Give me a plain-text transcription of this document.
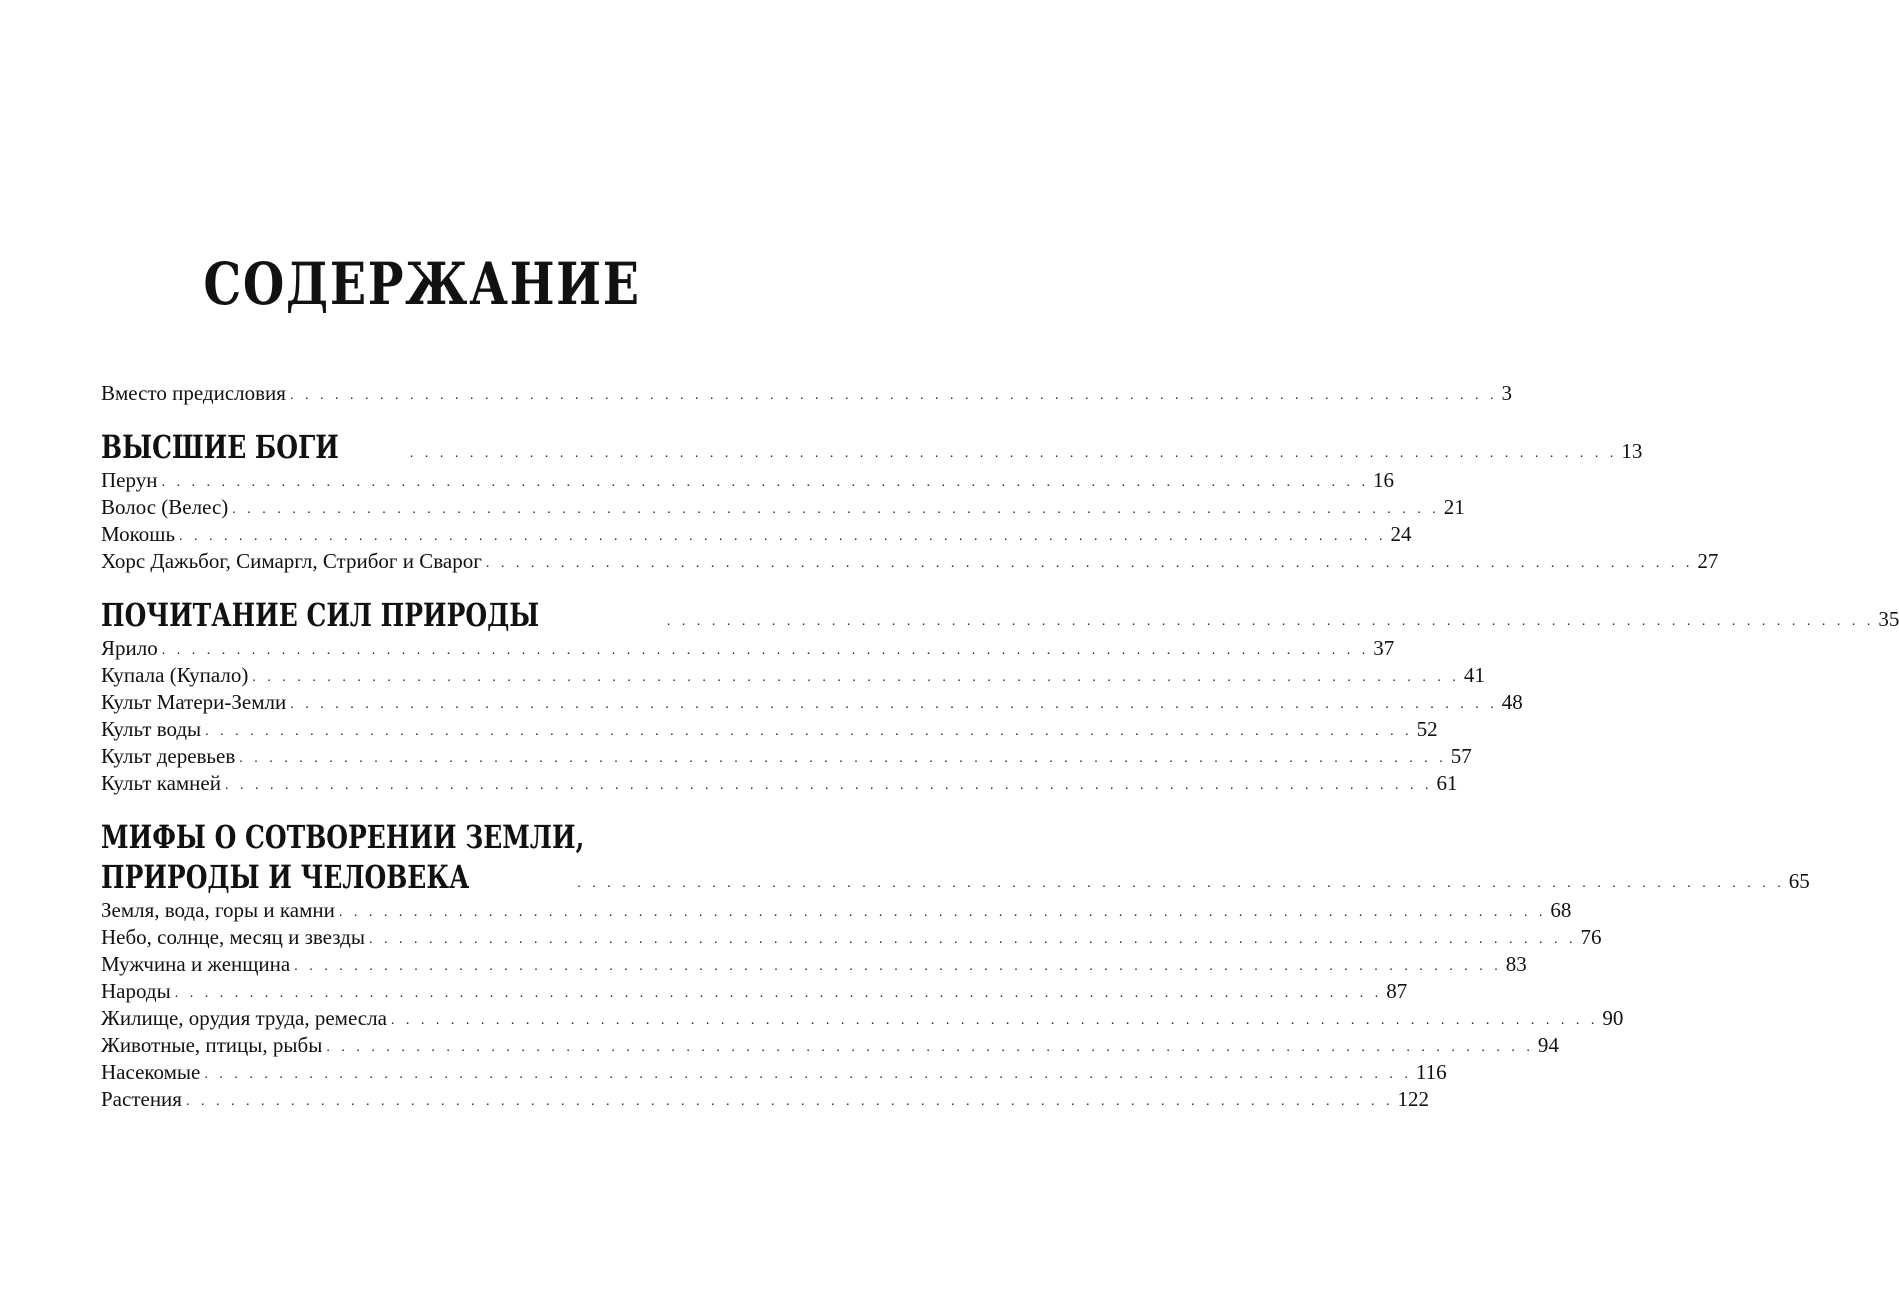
СОДЕРЖАНИЕ
Вместо предисловия . . . . . . . . . . . . . . . . . . . . . . . . . . . . . . . . . . . . . . . . . . . . . . . . . . . . . . . . . . . . . . . . . . . . . . . . . . . . . . . . . 3
ВЫСШИЕ БОГИ	. . . . . . . . . . . . . . . . . . . . . . . . . . . . . . . . . . . . . . . . . . . . . . . . . . . . . . . . . . . . . . . . . . . . . . . . . . . . . . . . . 13
Перун . . . . . . . . . . . . . . . . . . . . . . . . . . . . . . . . . . . . . . . . . . . . . . . . . . . . . . . . . . . . . . . . . . . . . . . . . . . . . . . . . 16
Волос (Велес) . . . . . . . . . . . . . . . . . . . . . . . . . . . . . . . . . . . . . . . . . . . . . . . . . . . . . . . . . . . . . . . . . . . . . . . . . . . . . . . . . 21
Мокошь . . . . . . . . . . . . . . . . . . . . . . . . . . . . . . . . . . . . . . . . . . . . . . . . . . . . . . . . . . . . . . . . . . . . . . . . . . . . . . . . . 24
Хорс Дажьбог, Симаргл, Стрибог и Сварог . . . . . . . . . . . . . . . . . . . . . . . . . . . . . . . . . . . . . . . . . . . . . . . . . . . . . . . . . . . . . . . . . . . . . . . . . . . . . . . . . 27
ПОЧИТАНИЕ СИЛ ПРИРОДЫ	. . . . . . . . . . . . . . . . . . . . . . . . . . . . . . . . . . . . . . . . . . . . . . . . . . . . . . . . . . . . . . . . . . . . . . . . . . . . . . . . . 35
Ярило . . . . . . . . . . . . . . . . . . . . . . . . . . . . . . . . . . . . . . . . . . . . . . . . . . . . . . . . . . . . . . . . . . . . . . . . . . . . . . . . . 37
Купала (Купало) . . . . . . . . . . . . . . . . . . . . . . . . . . . . . . . . . . . . . . . . . . . . . . . . . . . . . . . . . . . . . . . . . . . . . . . . . . . . . . . . . 41
Культ Матери-Земли . . . . . . . . . . . . . . . . . . . . . . . . . . . . . . . . . . . . . . . . . . . . . . . . . . . . . . . . . . . . . . . . . . . . . . . . . . . . . . . . . 48
Культ воды . . . . . . . . . . . . . . . . . . . . . . . . . . . . . . . . . . . . . . . . . . . . . . . . . . . . . . . . . . . . . . . . . . . . . . . . . . . . . . . . . 52
Культ деревьев . . . . . . . . . . . . . . . . . . . . . . . . . . . . . . . . . . . . . . . . . . . . . . . . . . . . . . . . . . . . . . . . . . . . . . . . . . . . . . . . . 57
Культ камней . . . . . . . . . . . . . . . . . . . . . . . . . . . . . . . . . . . . . . . . . . . . . . . . . . . . . . . . . . . . . . . . . . . . . . . . . . . . . . . . . 61
МИФЫ О СОТВОРЕНИИ ЗЕМЛИ,
ПРИРОДЫ И ЧЕЛОВЕКА	. . . . . . . . . . . . . . . . . . . . . . . . . . . . . . . . . . . . . . . . . . . . . . . . . . . . . . . . . . . . . . . . . . . . . . . . . . . . . . . . . 65
Земля, вода, горы и камни . . . . . . . . . . . . . . . . . . . . . . . . . . . . . . . . . . . . . . . . . . . . . . . . . . . . . . . . . . . . . . . . . . . . . . . . . . . . . . . . . 68
Небо, солнце, месяц и звезды . . . . . . . . . . . . . . . . . . . . . . . . . . . . . . . . . . . . . . . . . . . . . . . . . . . . . . . . . . . . . . . . . . . . . . . . . . . . . . . . . 76
Мужчина и женщина . . . . . . . . . . . . . . . . . . . . . . . . . . . . . . . . . . . . . . . . . . . . . . . . . . . . . . . . . . . . . . . . . . . . . . . . . . . . . . . . . 83
Народы . . . . . . . . . . . . . . . . . . . . . . . . . . . . . . . . . . . . . . . . . . . . . . . . . . . . . . . . . . . . . . . . . . . . . . . . . . . . . . . . . 87
Жилище, орудия труда, ремесла . . . . . . . . . . . . . . . . . . . . . . . . . . . . . . . . . . . . . . . . . . . . . . . . . . . . . . . . . . . . . . . . . . . . . . . . . . . . . . . . . 90
Животные, птицы, рыбы . . . . . . . . . . . . . . . . . . . . . . . . . . . . . . . . . . . . . . . . . . . . . . . . . . . . . . . . . . . . . . . . . . . . . . . . . . . . . . . . . 94
Насекомые . . . . . . . . . . . . . . . . . . . . . . . . . . . . . . . . . . . . . . . . . . . . . . . . . . . . . . . . . . . . . . . . . . . . . . . . . . . . . . . . . 116
Растения . . . . . . . . . . . . . . . . . . . . . . . . . . . . . . . . . . . . . . . . . . . . . . . . . . . . . . . . . . . . . . . . . . . . . . . . . . . . . . . . . 122
